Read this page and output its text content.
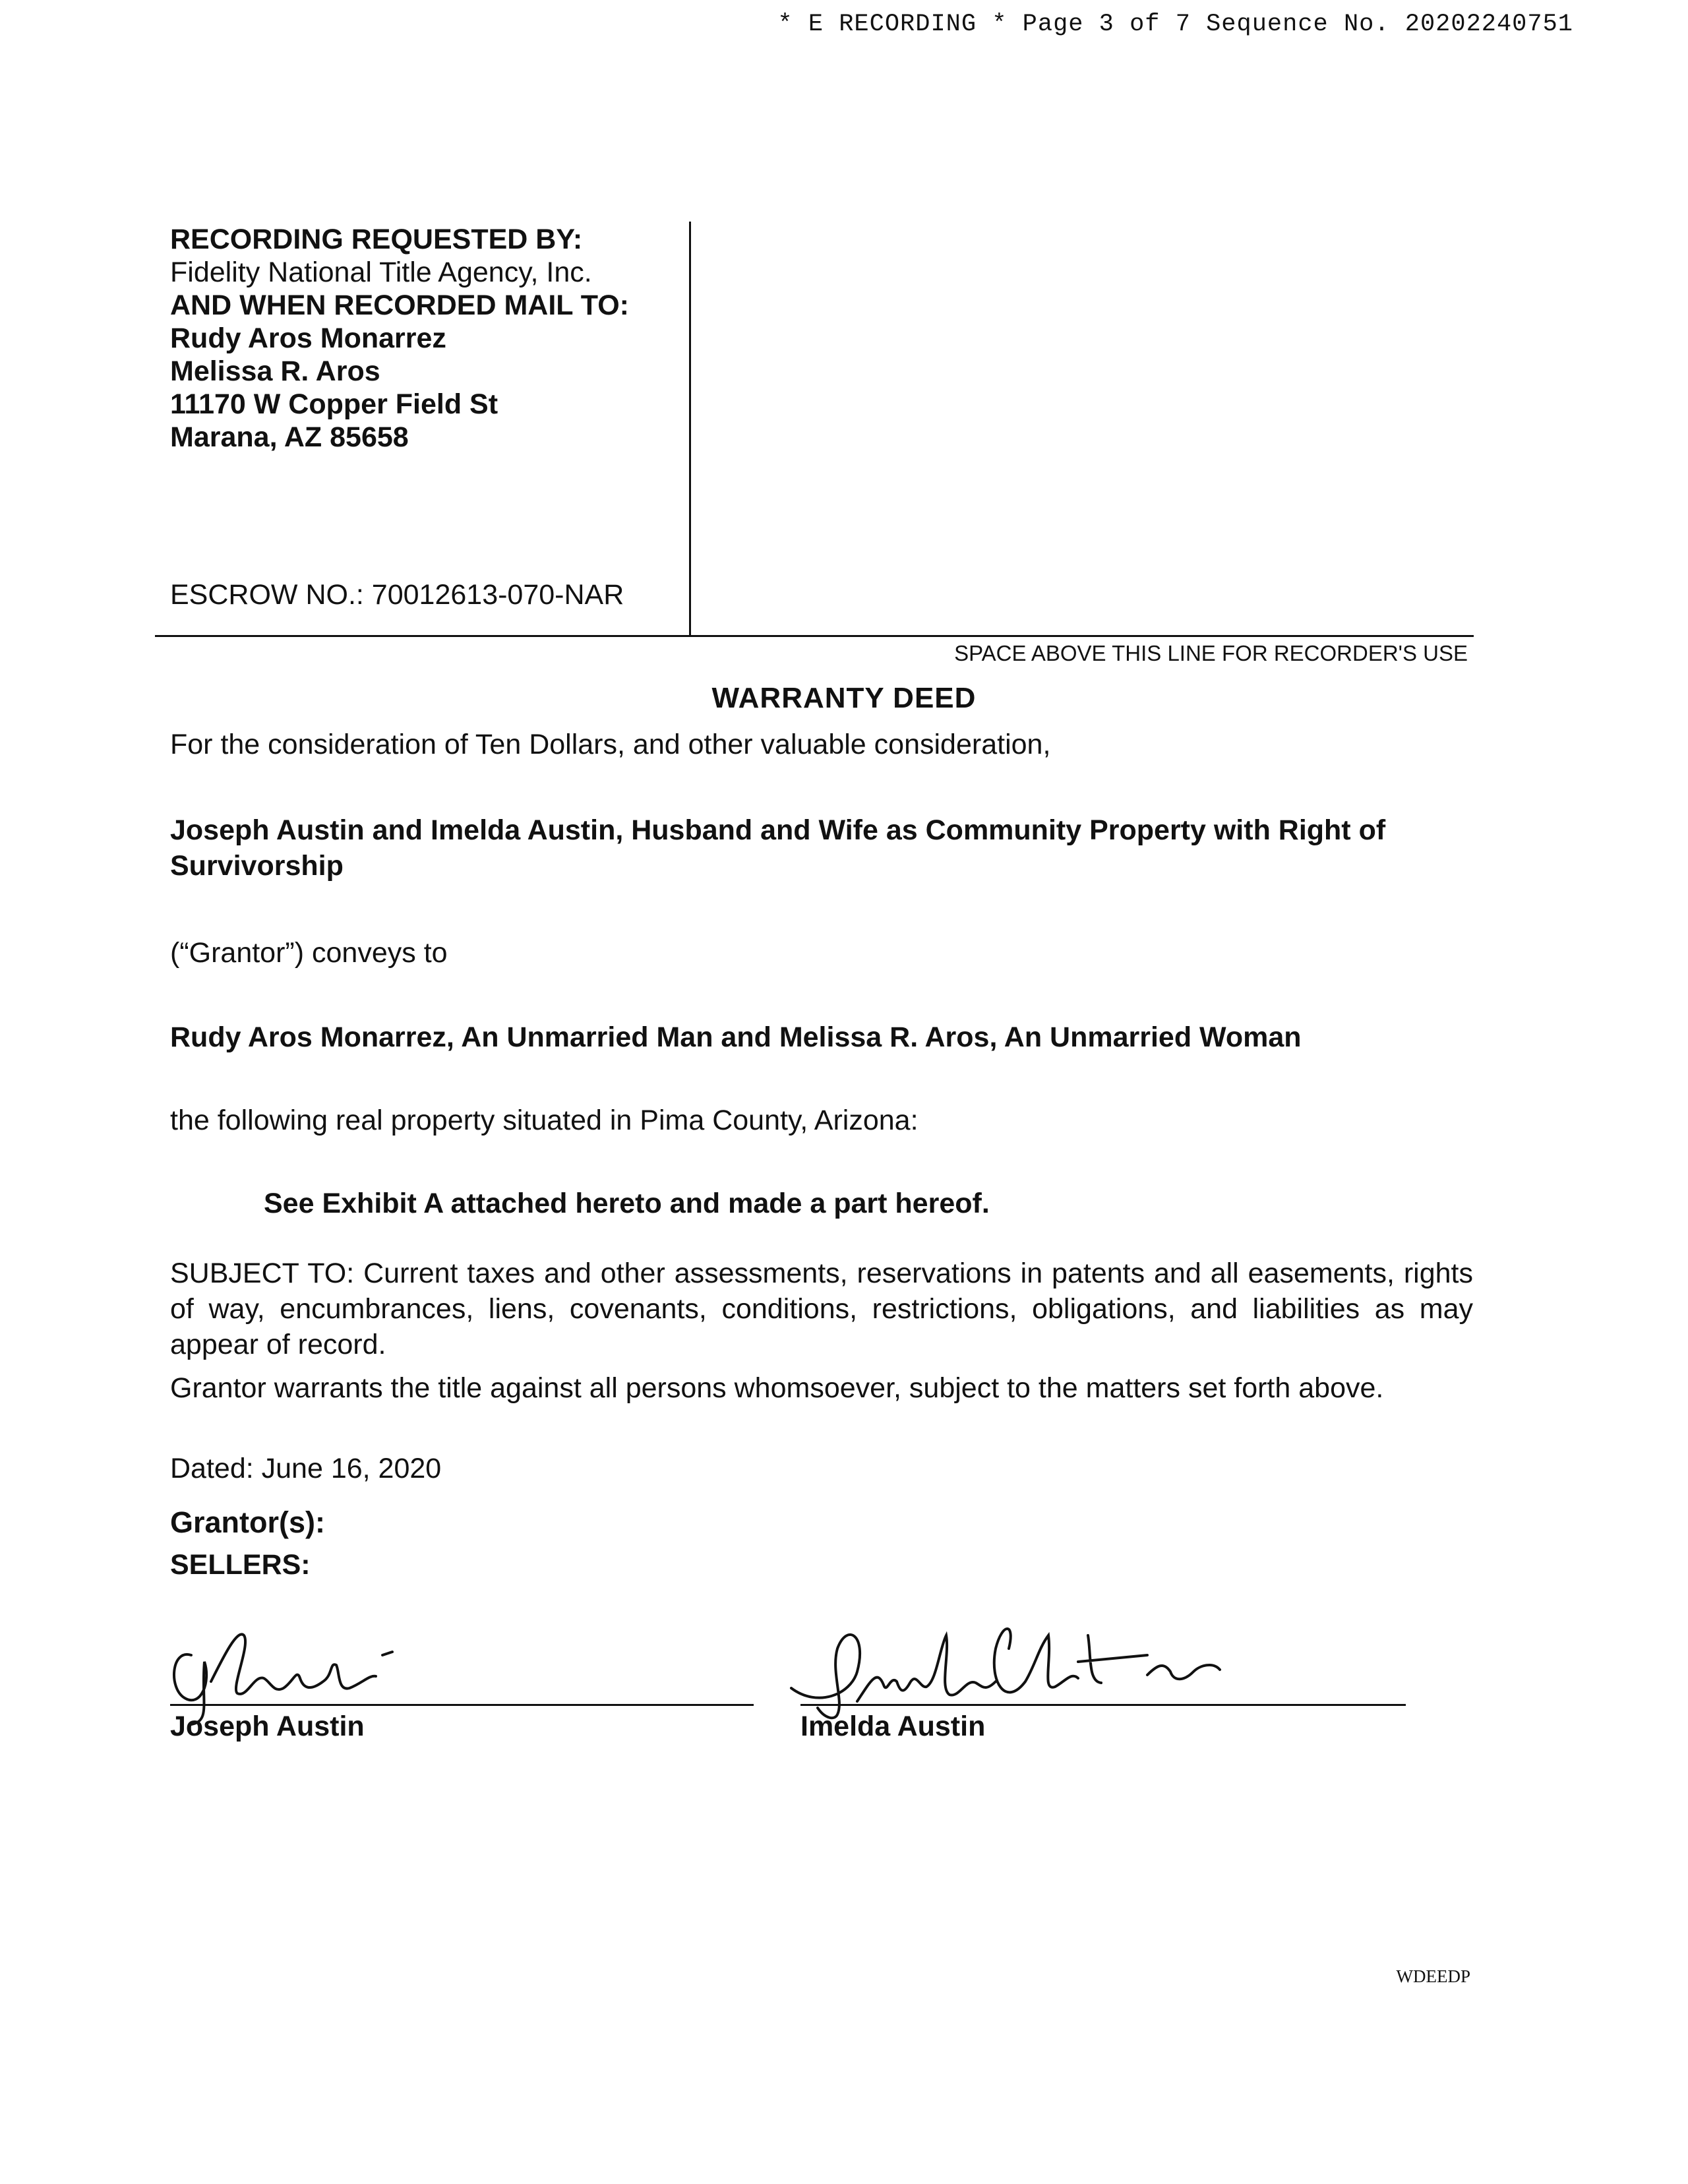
* E RECORDING * Page 3 of 7 Sequence No. 20202240751
RECORDING REQUESTED BY:
Fidelity National Title Agency, Inc.
AND WHEN RECORDED MAIL TO:
Rudy Aros Monarrez
Melissa R. Aros
11170 W Copper Field St
Marana, AZ 85658
ESCROW NO.: 70012613-070-NAR
SPACE ABOVE THIS LINE FOR RECORDER'S USE
WARRANTY DEED
For the consideration of Ten Dollars, and other valuable consideration,
Joseph Austin and Imelda Austin, Husband and Wife as Community Property with Right of Survivorship
(“Grantor”) conveys to
Rudy Aros Monarrez, An Unmarried Man and Melissa R. Aros, An Unmarried Woman
the following real property situated in Pima County, Arizona:
See Exhibit A attached hereto and made a part hereof.
SUBJECT TO: Current taxes and other assessments, reservations in patents and all easements, rights of way, encumbrances, liens, covenants, conditions, restrictions, obligations, and liabilities as may appear of record.
Grantor warrants the title against all persons whomsoever, subject to the matters set forth above.
Dated: June 16, 2020
Grantor(s):
SELLERS:
Joseph Austin	Imelda Austin
WDEEDP
